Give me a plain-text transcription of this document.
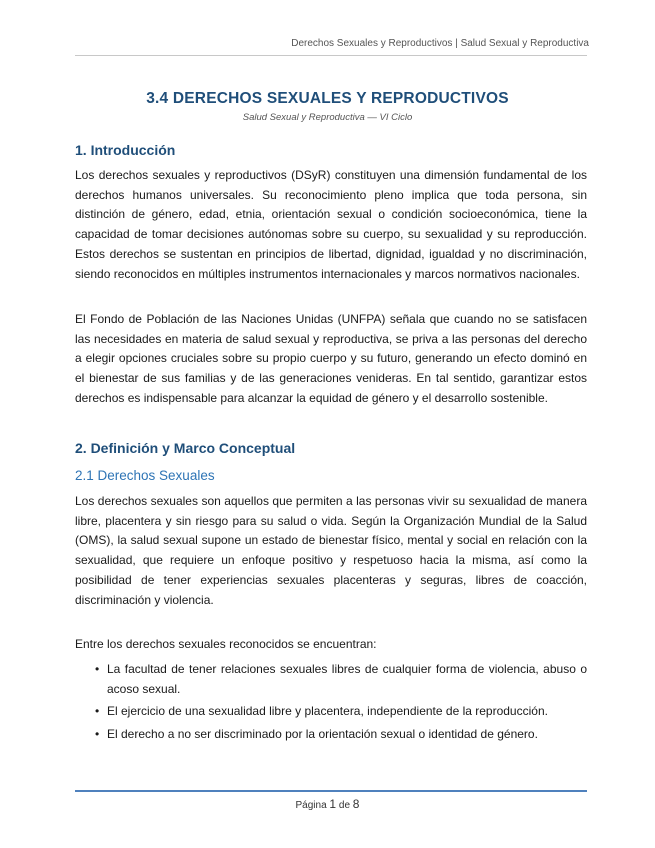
Derechos Sexuales y Reproductivos | Salud Sexual y Reproductiva
3.4 DERECHOS SEXUALES Y REPRODUCTIVOS
Salud Sexual y Reproductiva — VI Ciclo
1. Introducción

Los derechos sexuales y reproductivos (DSyR) constituyen una dimensión fundamental de los derechos humanos universales. Su reconocimiento pleno implica que toda persona, sin distinción de género, edad, etnia, orientación sexual o condición socioeconómica, tiene la capacidad de tomar decisiones autónomas sobre su cuerpo, su sexualidad y su reproducción. Estos derechos se sustentan en principios de libertad, dignidad, igualdad y no discriminación, siendo reconocidos en múltiples instrumentos internacionales y marcos normativos nacionales.

El Fondo de Población de las Naciones Unidas (UNFPA) señala que cuando no se satisfacen las necesidades en materia de salud sexual y reproductiva, se priva a las personas del derecho a elegir opciones cruciales sobre su propio cuerpo y su futuro, generando un efecto dominó en el bienestar de sus familias y de las generaciones venideras. En tal sentido, garantizar estos derechos es indispensable para alcanzar la equidad de género y el desarrollo sostenible.

2. Definición y Marco Conceptual
2.1 Derechos Sexuales

Los derechos sexuales son aquellos que permiten a las personas vivir su sexualidad de manera libre, placentera y sin riesgo para su salud o vida. Según la Organización Mundial de la Salud (OMS), la salud sexual supone un estado de bienestar físico, mental y social en relación con la sexualidad, que requiere un enfoque positivo y respetuoso hacia la misma, así como la posibilidad de tener experiencias sexuales placenteras y seguras, libres de coacción, discriminación y violencia.

Entre los derechos sexuales reconocidos se encuentran:

• La facultad de tener relaciones sexuales libres de cualquier forma de violencia, abuso o acoso sexual.
• El ejercicio de una sexualidad libre y placentera, independiente de la reproducción.
• El derecho a no ser discriminado por la orientación sexual o identidad de género.
Página 1 de 8
